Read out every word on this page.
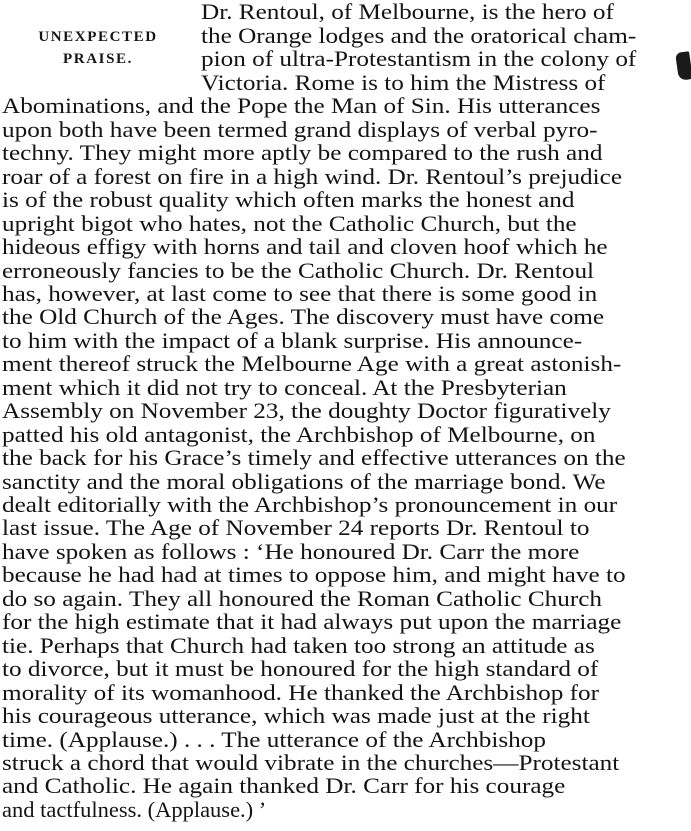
UNEXPECTED
PRAISE.
Dr. Rentoul, of Melbourne, is the hero of
the Orange lodges and the oratorical cham-
pion of ultra-Protestantism in the colony of
Victoria. Rome is to him the Mistress of
Abominations, and the Pope the Man of Sin. His utterances
upon both have been termed grand displays of verbal pyro-
techny. They might more aptly be compared to the rush and
roar of a forest on fire in a high wind. Dr. Rentoul’s prejudice
is of the robust quality which often marks the honest and
upright bigot who hates, not the Catholic Church, but the
hideous effigy with horns and tail and cloven hoof which he
erroneously fancies to be the Catholic Church. Dr. Rentoul
has, however, at last come to see that there is some good in
the Old Church of the Ages. The discovery must have come
to him with the impact of a blank surprise. His announce-
ment thereof struck the Melbourne Age with a great astonish-
ment which it did not try to conceal. At the Presbyterian
Assembly on November 23, the doughty Doctor figuratively
patted his old antagonist, the Archbishop of Melbourne, on
the back for his Grace’s timely and effective utterances on the
sanctity and the moral obligations of the marriage bond. We
dealt editorially with the Archbishop’s pronouncement in our
last issue. The Age of November 24 reports Dr. Rentoul to
have spoken as follows : ‘He honoured Dr. Carr the more
because he had had at times to oppose him, and might have to
do so again. They all honoured the Roman Catholic Church
for the high estimate that it had always put upon the marriage
tie. Perhaps that Church had taken too strong an attitude as
to divorce, but it must be honoured for the high standard of
morality of its womanhood. He thanked the Archbishop for
his courageous utterance, which was made just at the right
time. (Applause.) . . . The utterance of the Archbishop
struck a chord that would vibrate in the churches—Protestant
and Catholic. He again thanked Dr. Carr for his courage
and tactfulness. (Applause.) ’
